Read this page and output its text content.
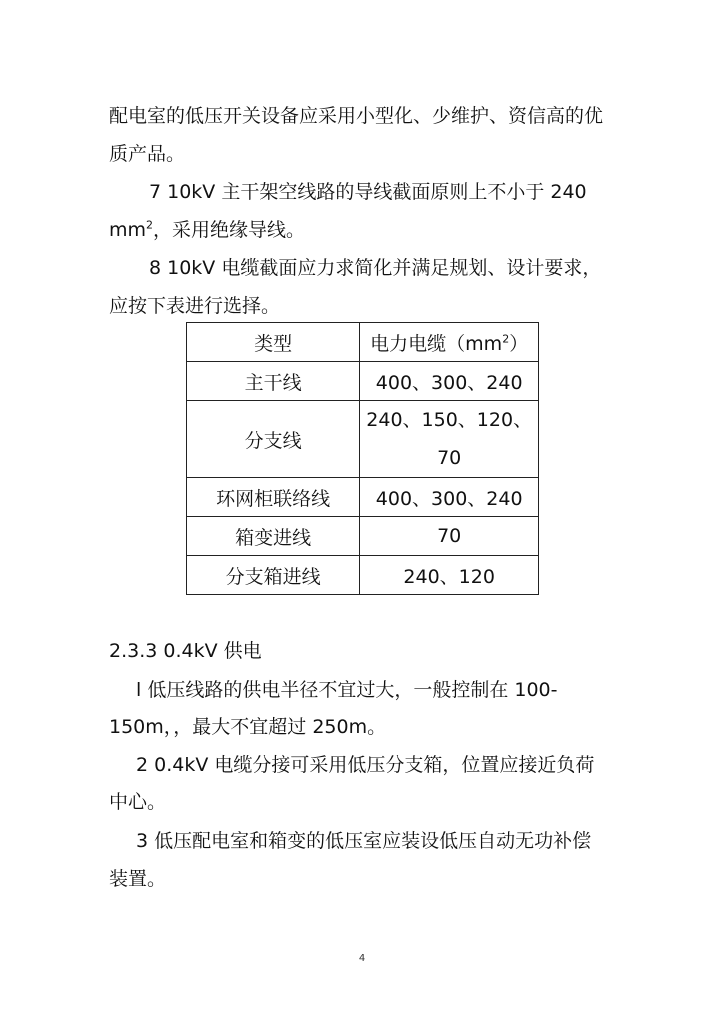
配电室的低压开关设备应采用小型化、少维护、资信高的优

质产品。

7 10kV 主干架空线路的导线截面原则上不小于 240

$mm^2$，采用绝缘导线。

8 10kV 电缆截面应力求简化并满足规划、设计要求，

应按下表进行选择。

类型	电力电缆$(mm^2)$
主干线	400、300、240
分支线	240、150、120、70

环网柜联络线	400、300、240
箱变进线	70
分支箱进线	240、120

2.3.3 0.4kV 供电

l 低压线路的供电半径不宜过大，一般控制在 100-

150m，，最大不宜超过 250m。

2 0.4kV 电缆分接可采用低压分支箱，位置应接近负荷

中心。

3 低压配电室和箱变的低压室应装设低压自动无功补偿

装置。

4
